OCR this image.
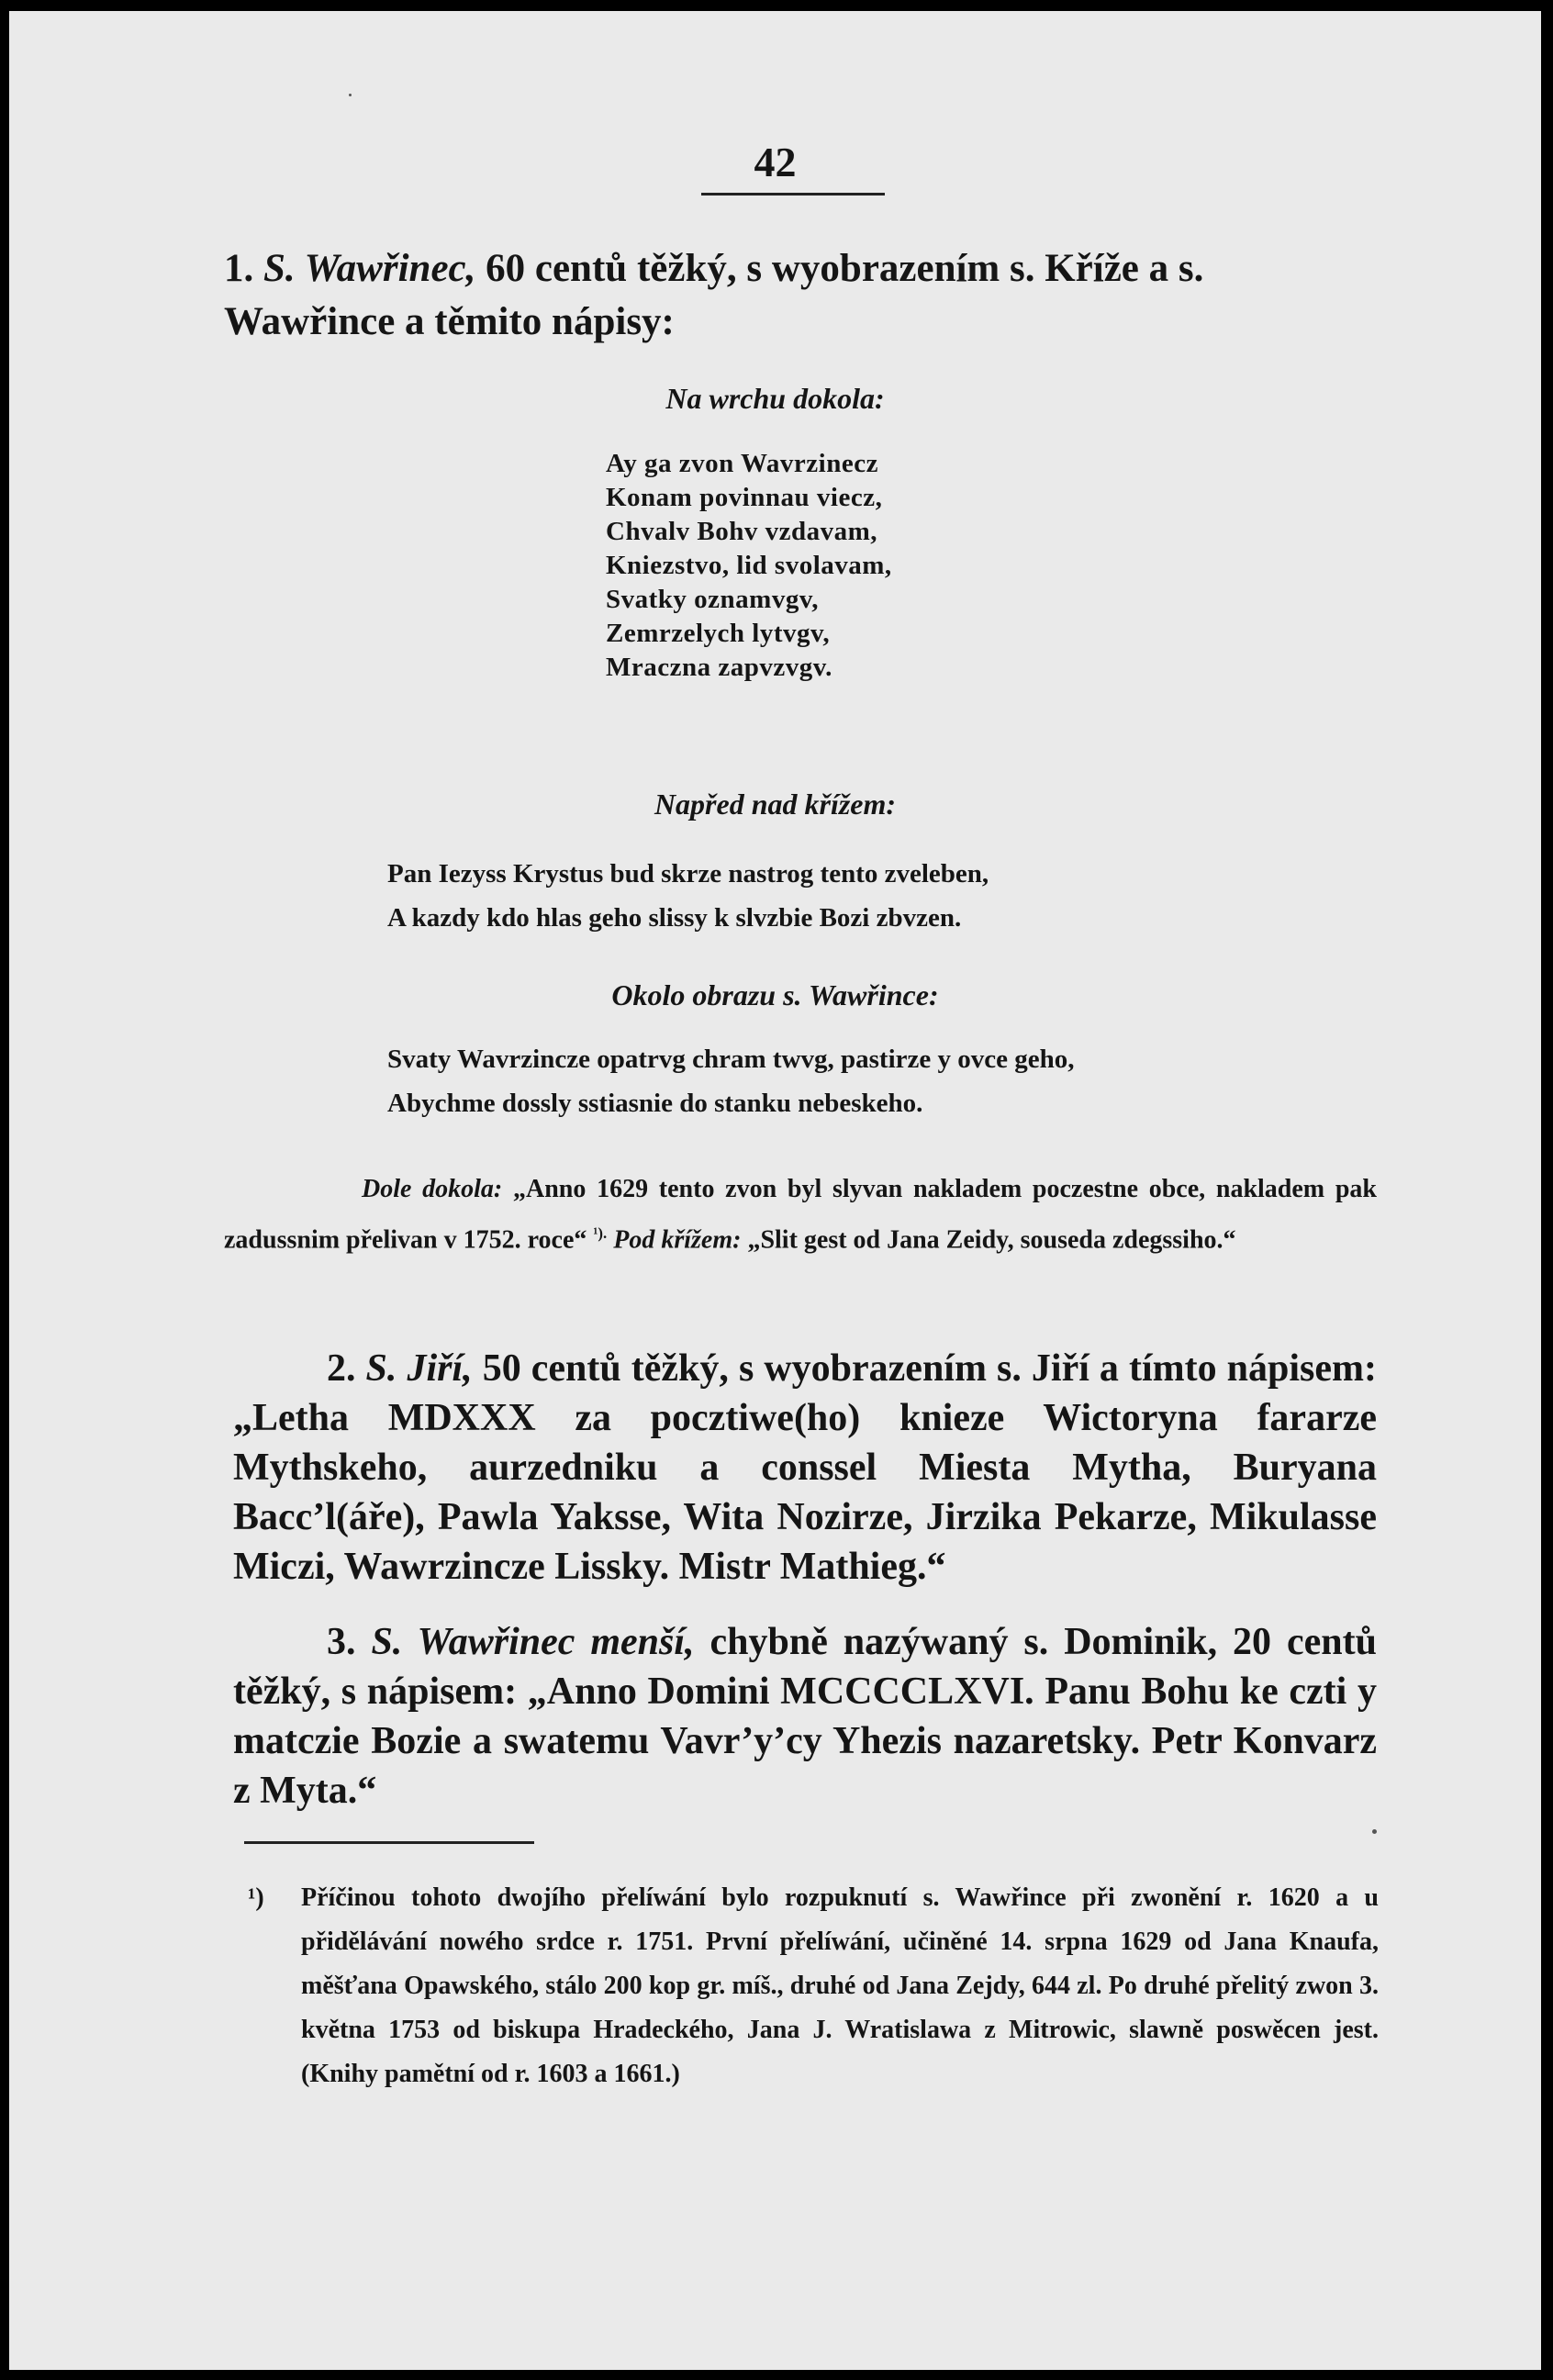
42
1. S. Wawřinec, 60 centů těžký, s wyobrazením s. Kříže a s. Wawřince a těmito nápisy:
Na wrchu dokola:
Ay ga zvon Wavrzinecz
Konam povinnau viecz,
Chvalv Bohv vzdavam,
Kniezstvo, lid svolavam,
Svatky oznamvgv,
Zemrzelych lytvgv,
Mraczna zapvzvgv.
Napřed nad křížem:
Pan Iezyss Krystus bud skrze nastrog tento zveleben,
A kazdy kdo hlas geho slissy k slvzbie Bozi zbvzen.
Okolo obrazu s. Wawřince:
Svaty Wavrzincze opatrvg chram twvg, pastirze y ovce geho,
Abychme dossly sstiasnie do stanku nebeskeho.
Dole dokola: „Anno 1629 tento zvon byl slyvan nakladem poczestne obce, nakladem pak zadussnim přelivan v 1752. roce“ $^{^1).}$ Pod křížem: „Slit gest od Jana Zeidy, souseda zdegssiho.“
2. S. Jiří, 50 centů těžký, s wyobrazením s. Jiří a tímto nápisem: „Letha MDXXX za pocztiwe(ho) knieze Wictoryna fararze Mythskeho, aurzedniku a conssel Miesta Mytha, Buryana Bacc’l(áře), Pawla Yaksse, Wita Nozirze, Jirzika Pekarze, Mikulasse Miczi, Wawrzincze Lissky. Mistr Mathieg.“
3. S. Wawřinec menší, chybně nazýwaný s. Dominik, 20 centů těžký, s nápisem: „Anno Domini MCCCCLXVI. Panu Bohu ke czti y matczie Bozie a swatemu Vavr’y’cy Yhezis nazaretsky. Petr Konvarz z Myta.“
¹)	Příčinou tohoto dwojího přelíwání bylo rozpuknutí s. Wawřince při zwonění r. 1620 a u přidělávání nowého srdce r. 1751. První přelíwání, učiněné 14. srpna 1629 od Jana Knaufa, měšťana Opawského, stálo 200 kop gr. míš., druhé od Jana Zejdy, 644 zl. Po druhé přelitý zwon 3. května 1753 od biskupa Hradeckého, Jana J. Wratislawa z Mitrowic, slawně poswěcen jest. (Knihy pamětní od r. 1603 a 1661.)
